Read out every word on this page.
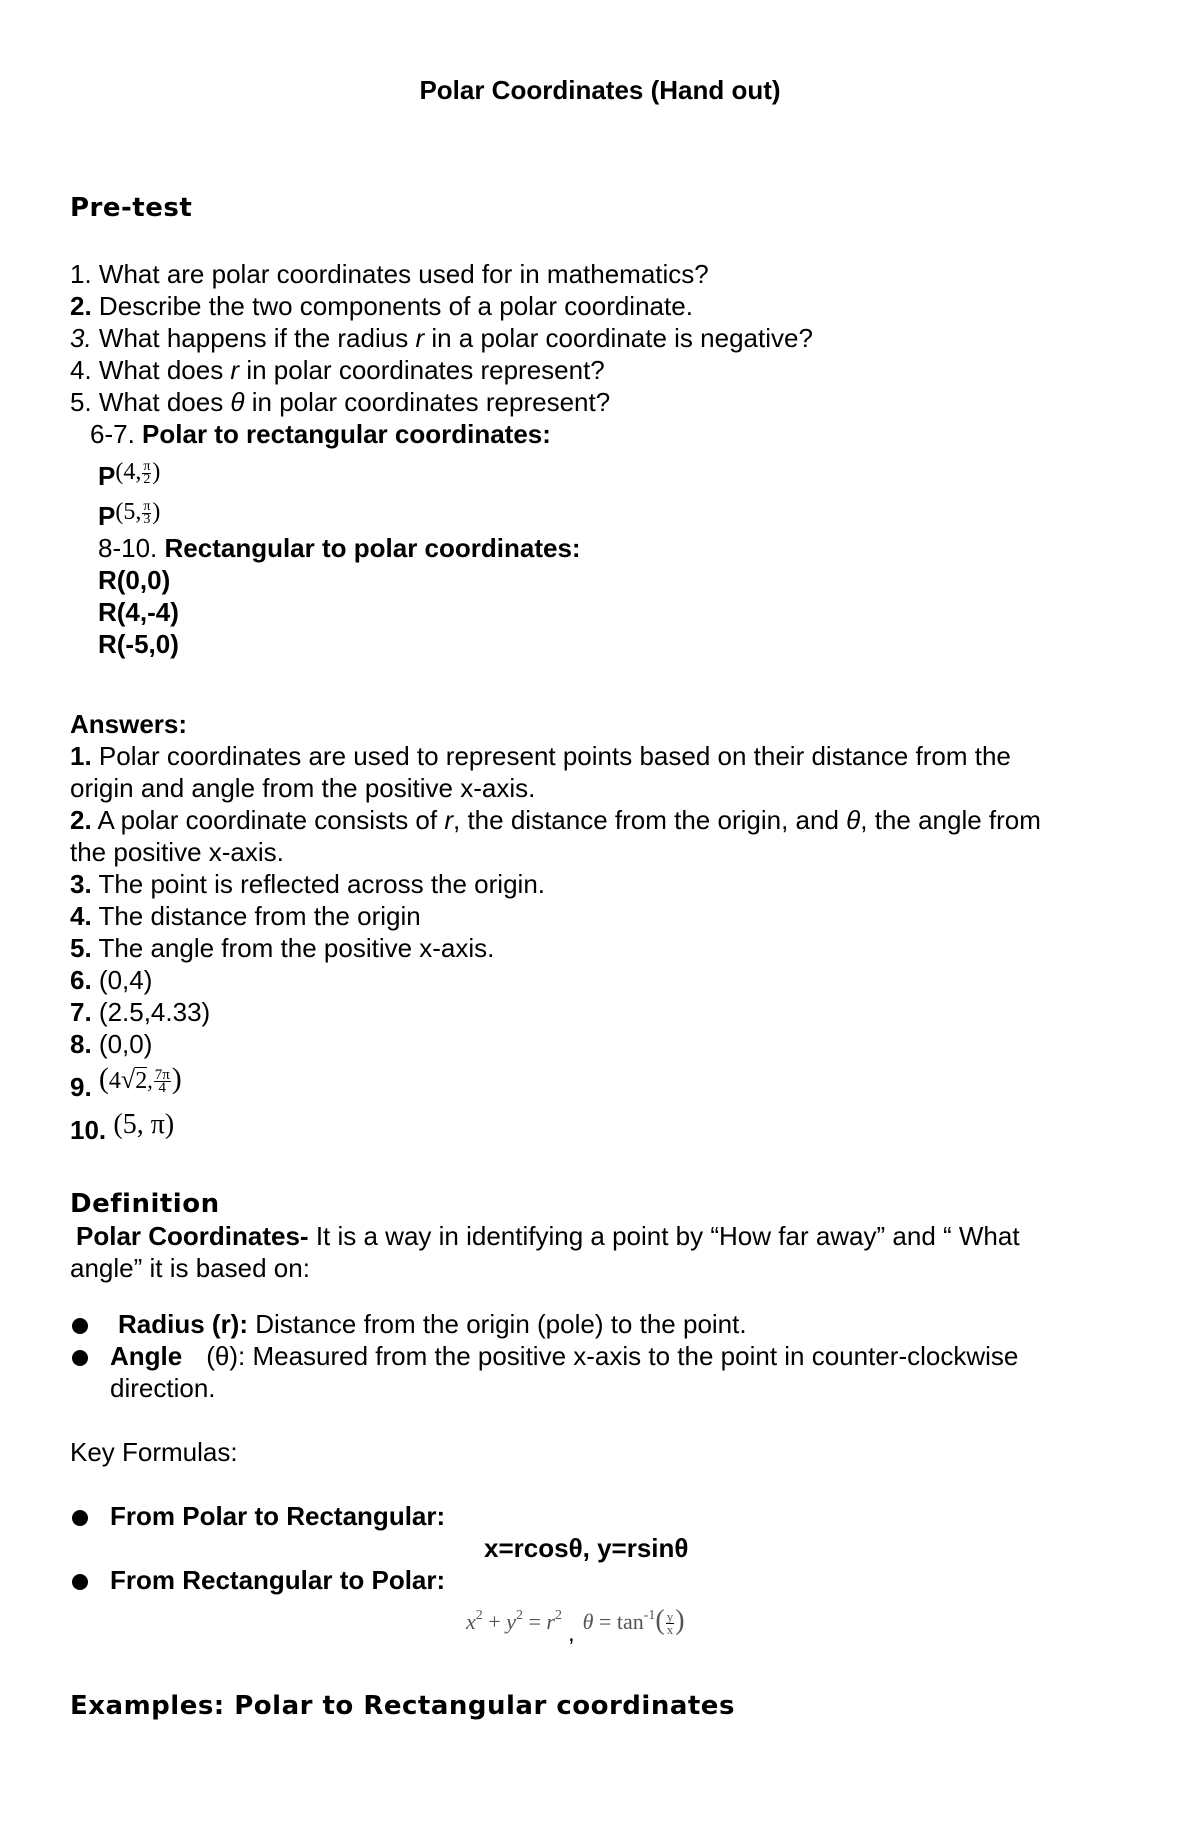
Polar Coordinates (Hand out)
Pre-test
1. What are polar coordinates used for in mathematics?
2. Describe the two components of a polar coordinate.
3. What happens if the radius r in a polar coordinate is negative?
4. What does r in polar coordinates represent?
5. What does θ in polar coordinates represent?
6-7. Polar to rectangular coordinates:
P(4, $\frac{\pi}{2}$ )
P(5, $\frac{\pi}{3}$ )
8-10. Rectangular to polar coordinates:
R(0,0)
R(4,-4)
R(-5,0)
Answers:
1. Polar coordinates are used to represent points based on their distance from the
origin and angle from the positive x-axis.
2. A polar coordinate consists of r, the distance from the origin, and θ, the angle from
the positive x-axis.
3. The point is reflected across the origin.
4. The distance from the origin
5. The angle from the positive x-axis.
6. (0,4)
7. (2.5,4.33)
8. (0,0)
9. (4√2, $\frac{7\pi}{4}$ )
10. (5, π)
Definition
Polar Coordinates- It is a way in identifying a point by “How far away” and “ What
angle” it is based on:
Radius (r): Distance from the origin (pole) to the point.
Angle (θ): Measured from the positive x-axis to the point in counter-clockwise
direction.
Key Formulas:
From Polar to Rectangular:
x=rcosθ, y=rsinθ
From Rectangular to Polar:
$x^2 + y^2 = r^2$, $\theta = \tan^{-1}( \frac{y}{x}$ )
Examples: Polar to Rectangular coordinates
